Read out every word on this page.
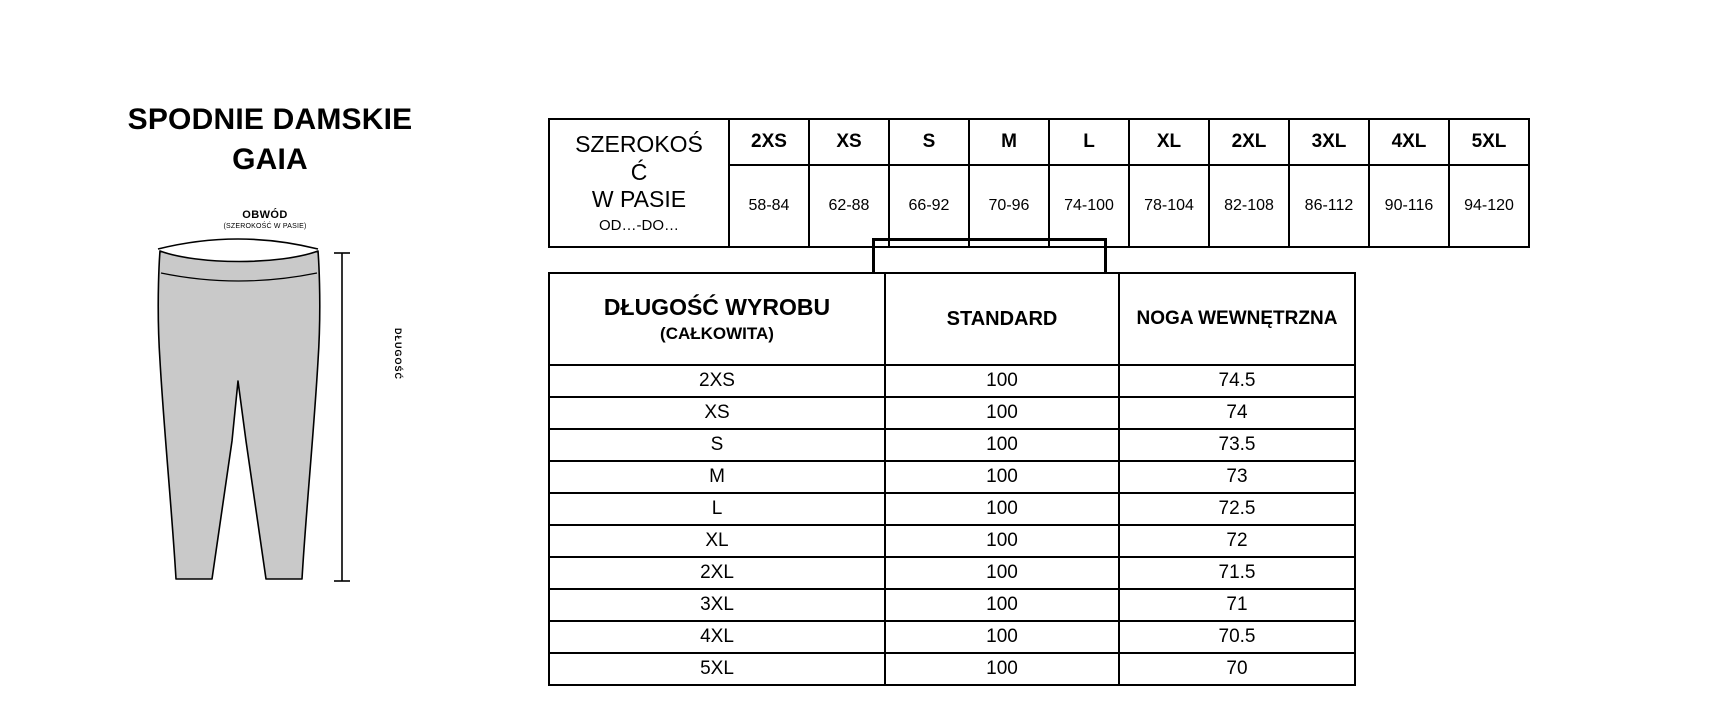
SPODNIE DAMSKIE
GAIA
OBWÓD
(SZEROKOŚĆ W PASIE)
DŁUGOŚĆ
SZEROKOŚ
Ć
W PASIE
OD…-DO…	2XS	XS	S	M	L	XL	2XL	3XL	4XL	5XL
	58-84	62-88	66-92	70-96	74-100	78-104	82-108	86-112	90-116	94-120
DŁUGOŚĆ WYROBU
(CAŁKOWITA)	STANDARD	NOGA WEWNĘTRZNA
2XS	100	74.5
XS	100	74
S	100	73.5
M	100	73
L	100	72.5
XL	100	72
2XL	100	71.5
3XL	100	71
4XL	100	70.5
5XL	100	70
